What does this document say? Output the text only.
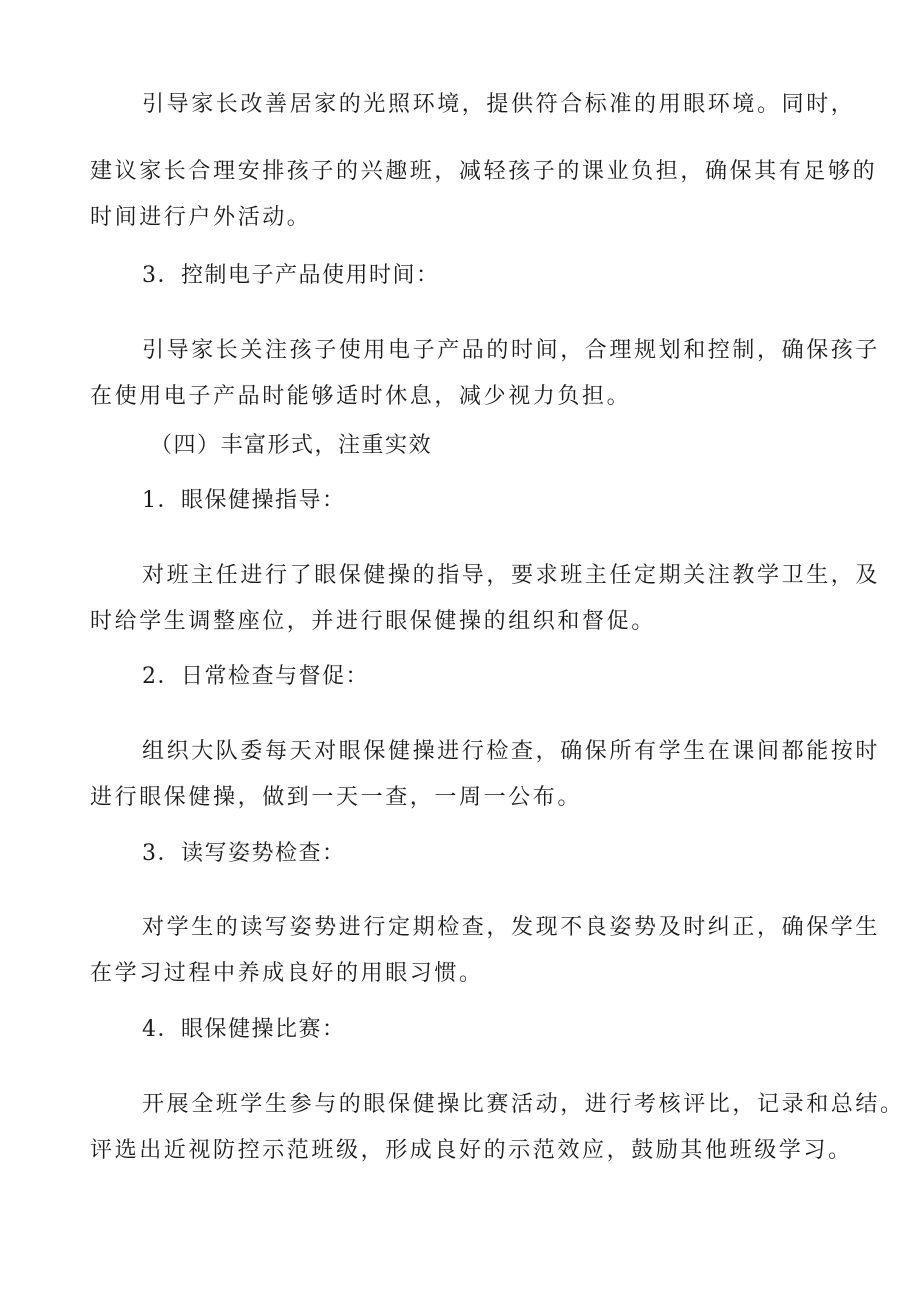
引导家长改善居家的光照环境，提供符合标准的用眼环境。同时，
建议家长合理安排孩子的兴趣班，减轻孩子的课业负担，确保其有足够的
时间进行户外活动。
3．控制电子产品使用时间：
引导家长关注孩子使用电子产品的时间，合理规划和控制，确保孩子
在使用电子产品时能够适时休息，减少视力负担。
（四）丰富形式，注重实效
1．眼保健操指导：
对班主任进行了眼保健操的指导，要求班主任定期关注教学卫生，及
时给学生调整座位，并进行眼保健操的组织和督促。
2．日常检查与督促：
组织大队委每天对眼保健操进行检查，确保所有学生在课间都能按时
进行眼保健操，做到一天一查，一周一公布。
3．读写姿势检查：
对学生的读写姿势进行定期检查，发现不良姿势及时纠正，确保学生
在学习过程中养成良好的用眼习惯。
4．眼保健操比赛：
开展全班学生参与的眼保健操比赛活动，进行考核评比，记录和总结。
评选出近视防控示范班级，形成良好的示范效应，鼓励其他班级学习。
